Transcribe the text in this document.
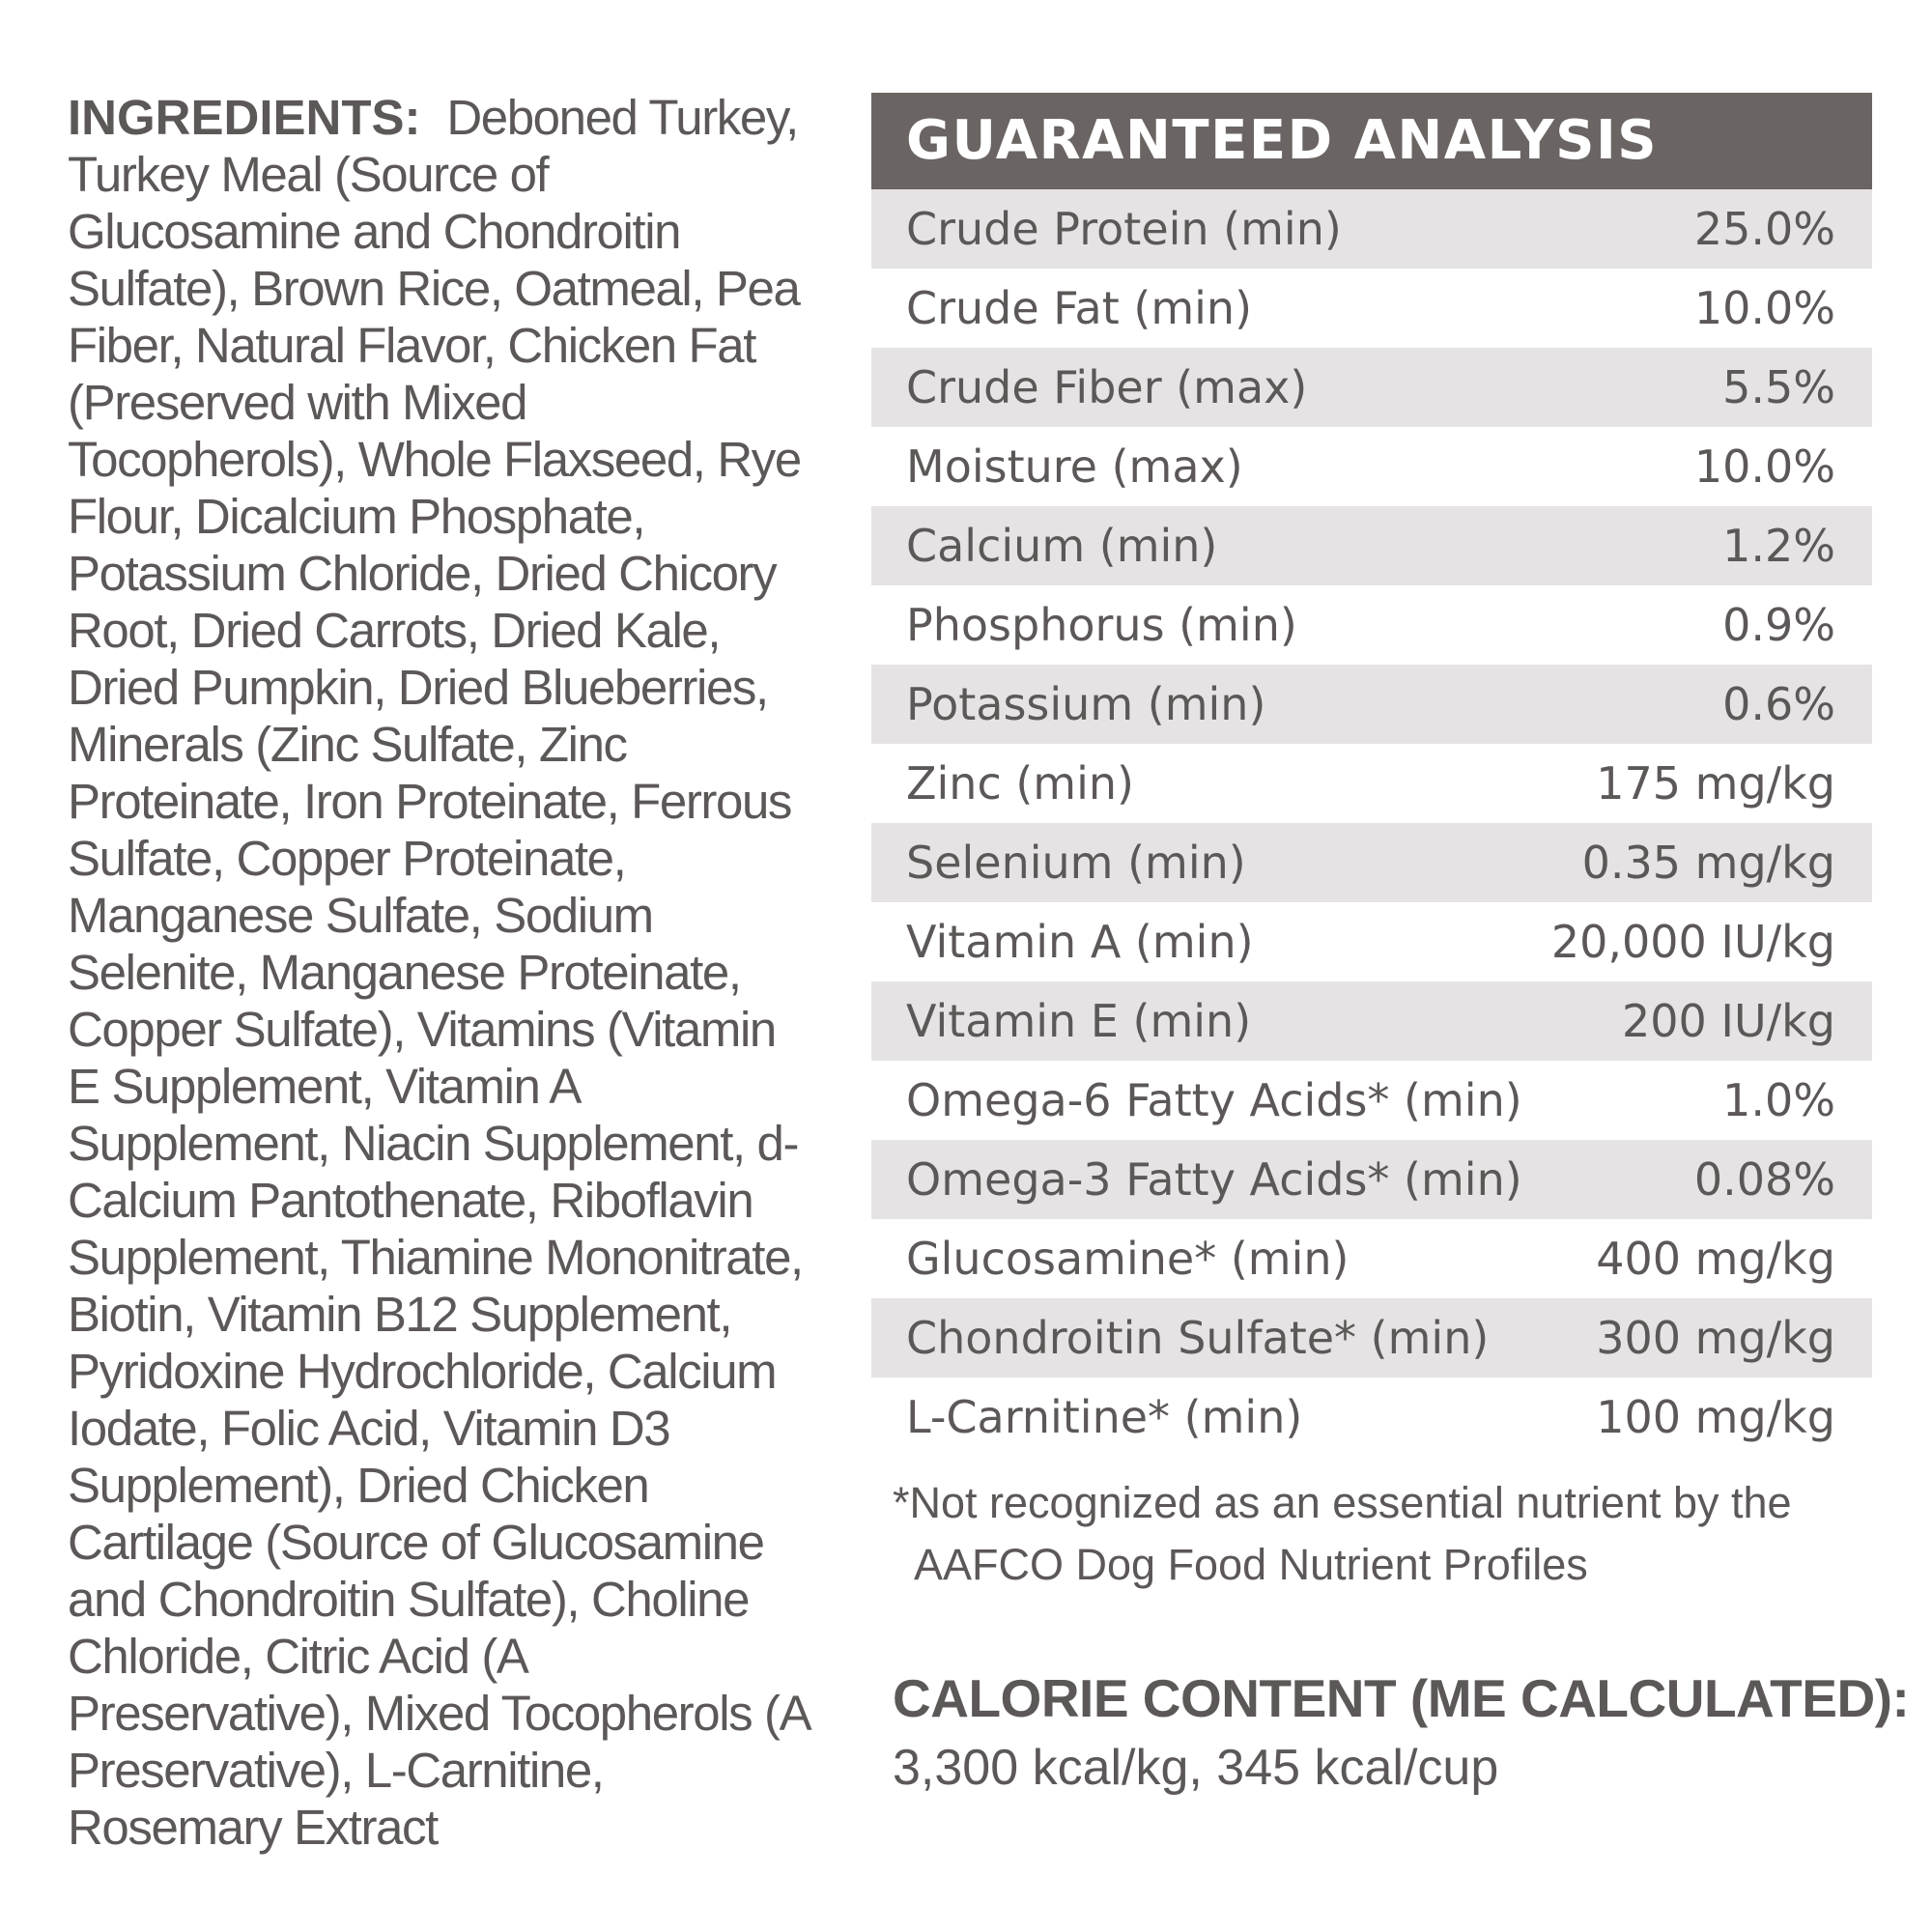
INGREDIENTS: Deboned Turkey, Turkey Meal (Source of Glucosamine and Chondroitin Sulfate), Brown Rice, Oatmeal, Pea Fiber, Natural Flavor, Chicken Fat (Preserved with Mixed Tocopherols), Whole Flaxseed, Rye Flour, Dicalcium Phosphate, Potassium Chloride, Dried Chicory Root, Dried Carrots, Dried Kale, Dried Pumpkin, Dried Blueberries, Minerals (Zinc Sulfate, Zinc Proteinate, Iron Proteinate, Ferrous Sulfate, Copper Proteinate, Manganese Sulfate, Sodium Selenite, Manganese Proteinate, Copper Sulfate), Vitamins (Vitamin E Supplement, Vitamin A Supplement, Niacin Supplement, d-Calcium Pantothenate, Riboflavin Supplement, Thiamine Mononitrate, Biotin, Vitamin B12 Supplement, Pyridoxine Hydrochloride, Calcium Iodate, Folic Acid, Vitamin D3 Supplement), Dried Chicken Cartilage (Source of Glucosamine and Chondroitin Sulfate), Choline Chloride, Citric Acid (A Preservative), Mixed Tocopherols (A Preservative), L-Carnitine, Rosemary Extract
GUARANTEED ANALYSIS
Crude Protein (min)	25.0%
Crude Fat (min)	10.0%
Crude Fiber (max)	5.5%
Moisture (max)	10.0%
Calcium (min)	1.2%
Phosphorus (min)	0.9%
Potassium (min)	0.6%
Zinc (min)	175 mg/kg
Selenium (min)	0.35 mg/kg
Vitamin A (min)	20,000 IU/kg
Vitamin E (min)	200 IU/kg
Omega-6 Fatty Acids* (min)	1.0%
Omega-3 Fatty Acids* (min)	0.08%
Glucosamine* (min)	400 mg/kg
Chondroitin Sulfate* (min) 300 mg/kg
L-Carnitine* (min)	100 mg/kg
*Not recognized as an essential nutrient by the
AAFCO Dog Food Nutrient Profiles
CALORIE CONTENT (ME CALCULATED):
3,300 kcal/kg, 345 kcal/cup
